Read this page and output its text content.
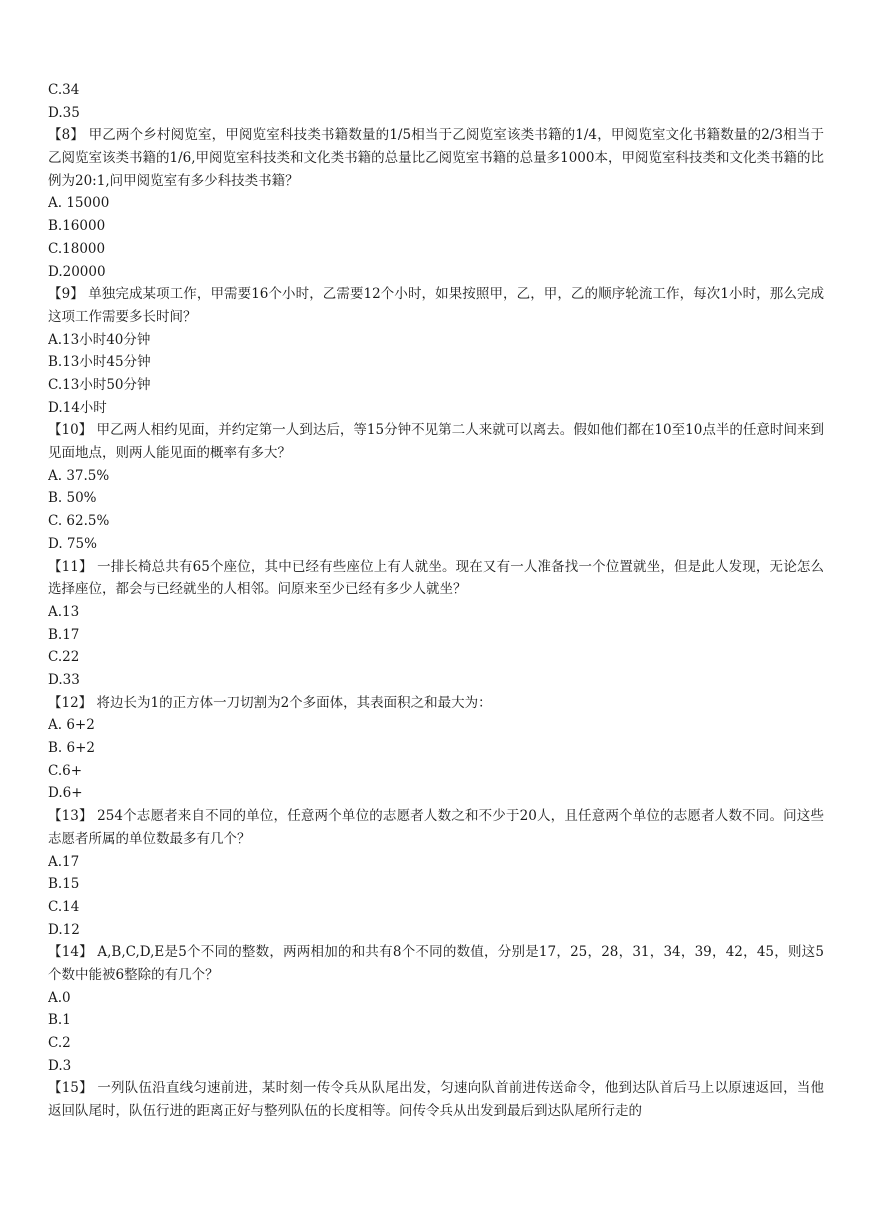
C.34
D.35
【8】 甲乙两个乡村阅览室，甲阅览室科技类书籍数量的1/5相当于乙阅览室该类书籍的1/4，甲阅览室文化书籍数量的2/3相当于乙阅览室该类书籍的1/6,甲阅览室科技类和文化类书籍的总量比乙阅览室书籍的总量多1000本，甲阅览室科技类和文化类书籍的比例为20:1,问甲阅览室有多少科技类书籍？
A. 15000
B.16000
C.18000
D.20000
【9】 单独完成某项工作，甲需要16个小时，乙需要12个小时，如果按照甲，乙，甲，乙的顺序轮流工作，每次1小时，那么完成这项工作需要多长时间？
A.13小时40分钟
B.13小时45分钟
C.13小时50分钟
D.14小时
【10】 甲乙两人相约见面，并约定第一人到达后，等15分钟不见第二人来就可以离去。假如他们都在10至10点半的任意时间来到见面地点，则两人能见面的概率有多大？
A. 37.5%
B. 50%
C. 62.5%
D. 75%
【11】 一排长椅总共有65个座位，其中已经有些座位上有人就坐。现在又有一人准备找一个位置就坐，但是此人发现，无论怎么选择座位，都会与已经就坐的人相邻。问原来至少已经有多少人就坐？
A.13
B.17
C.22
D.33
【12】 将边长为1的正方体一刀切割为2个多面体，其表面积之和最大为：
A. 6+2
B. 6+2
C.6+
D.6+
【13】 254个志愿者来自不同的单位，任意两个单位的志愿者人数之和不少于20人，且任意两个单位的志愿者人数不同。问这些志愿者所属的单位数最多有几个？
A.17
B.15
C.14
D.12
【14】 A,B,C,D,E是5个不同的整数，两两相加的和共有8个不同的数值，分别是17，25，28，31，34，39，42，45，则这5个数中能被6整除的有几个？
A.0
B.1
C.2
D.3
【15】 一列队伍沿直线匀速前进，某时刻一传令兵从队尾出发，匀速向队首前进传送命令，他到达队首后马上以原速返回，当他返回队尾时，队伍行进的距离正好与整列队伍的长度相等。问传令兵从出发到最后到达队尾所行走的
